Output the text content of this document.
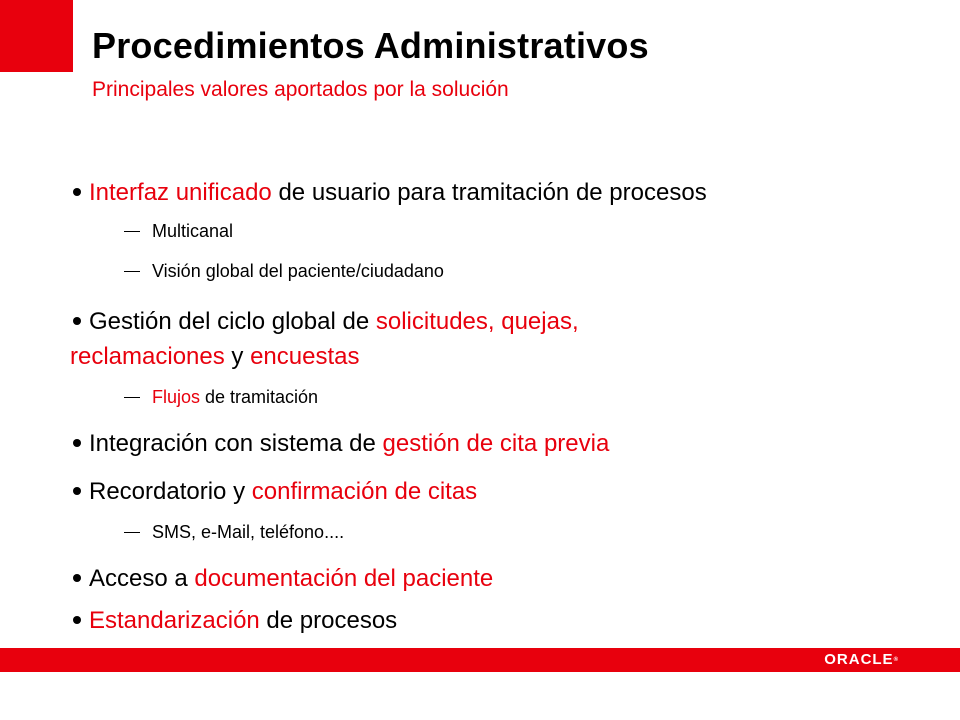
Procedimientos Administrativos

Principales valores aportados por la solución

Interfaz unificado de usuario para tramitación de procesos
Multicanal
Visión global del paciente/ciudadano
Gestión del ciclo global de solicitudes, quejas,
reclamaciones y encuestas
Flujos de tramitación
Integración con sistema de gestión de cita previa
Recordatorio y confirmación de citas
SMS, e-Mail, teléfono....
Acceso a documentación del paciente
Estandarización de procesos
ORACLE®
